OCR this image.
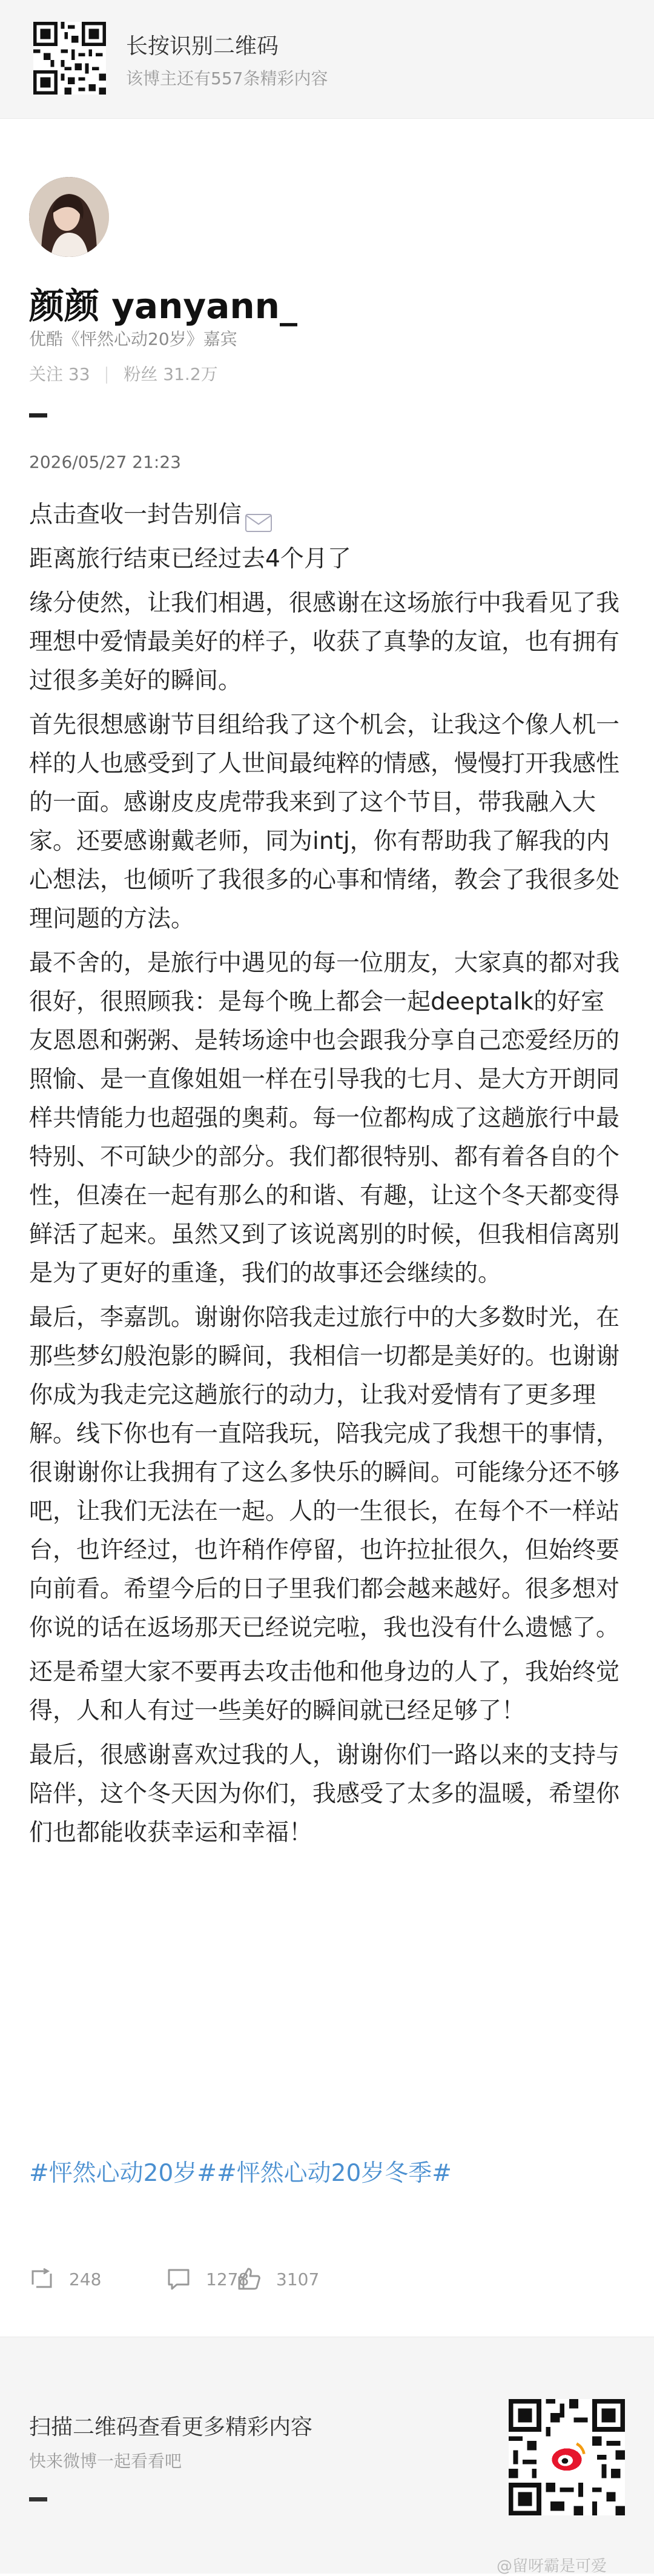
长按识别二维码
该博主还有557条精彩内容
颜颜 yanyann_
优酷《怦然心动20岁》嘉宾
关注 33 粉丝 31.2万
2026/05/27 21:23

点击查收一封告别信

距离旅行结束已经过去4个月了

缘分使然，让我们相遇，很感谢在这场旅行中我看见了我理想中爱情最美好的样子，收获了真挚的友谊，也有拥有过很多美好的瞬间。

首先很想感谢节目组给我了这个机会，让我这个像人机一样的人也感受到了人世间最纯粹的情感，慢慢打开我感性的一面。感谢皮皮虎带我来到了这个节目，带我融入大家。还要感谢戴老师，同为intj，你有帮助我了解我的内心想法，也倾听了我很多的心事和情绪，教会了我很多处理问题的方法。

最不舍的，是旅行中遇见的每一位朋友，大家真的都对我很好，很照顾我：是每个晚上都会一起deeptalk的好室友恩恩和粥粥、是转场途中也会跟我分享自己恋爱经历的照愉、是一直像姐姐一样在引导我的七月、是大方开朗同样共情能力也超强的奥莉。每一位都构成了这趟旅行中最特别、不可缺少的部分。我们都很特别、都有着各自的个性，但凑在一起有那么的和谐、有趣，让这个冬天都变得鲜活了起来。虽然又到了该说离别的时候，但我相信离别是为了更好的重逢，我们的故事还会继续的。

最后，李嘉凯。谢谢你陪我走过旅行中的大多数时光，在那些梦幻般泡影的瞬间，我相信一切都是美好的。也谢谢你成为我走完这趟旅行的动力，让我对爱情有了更多理解。线下你也有一直陪我玩，陪我完成了我想干的事情，很谢谢你让我拥有了这么多快乐的瞬间。可能缘分还不够吧，让我们无法在一起。人的一生很长，在每个不一样站台，也许经过，也许稍作停留，也许拉扯很久，但始终要向前看。希望今后的日子里我们都会越来越好。很多想对你说的话在返场那天已经说完啦，我也没有什么遗憾了。

还是希望大家不要再去攻击他和他身边的人了，我始终觉得，人和人有过一些美好的瞬间就已经足够了！

最后，很感谢喜欢过我的人，谢谢你们一路以来的支持与陪伴，这个冬天因为你们，我感受了太多的温暖，希望你们也都能收获幸运和幸福！

#怦然心动20岁##怦然心动20岁冬季#
248	1278 3107
扫描二维码查看更多精彩内容
快来微博一起看看吧
@留呀霸是可爱
